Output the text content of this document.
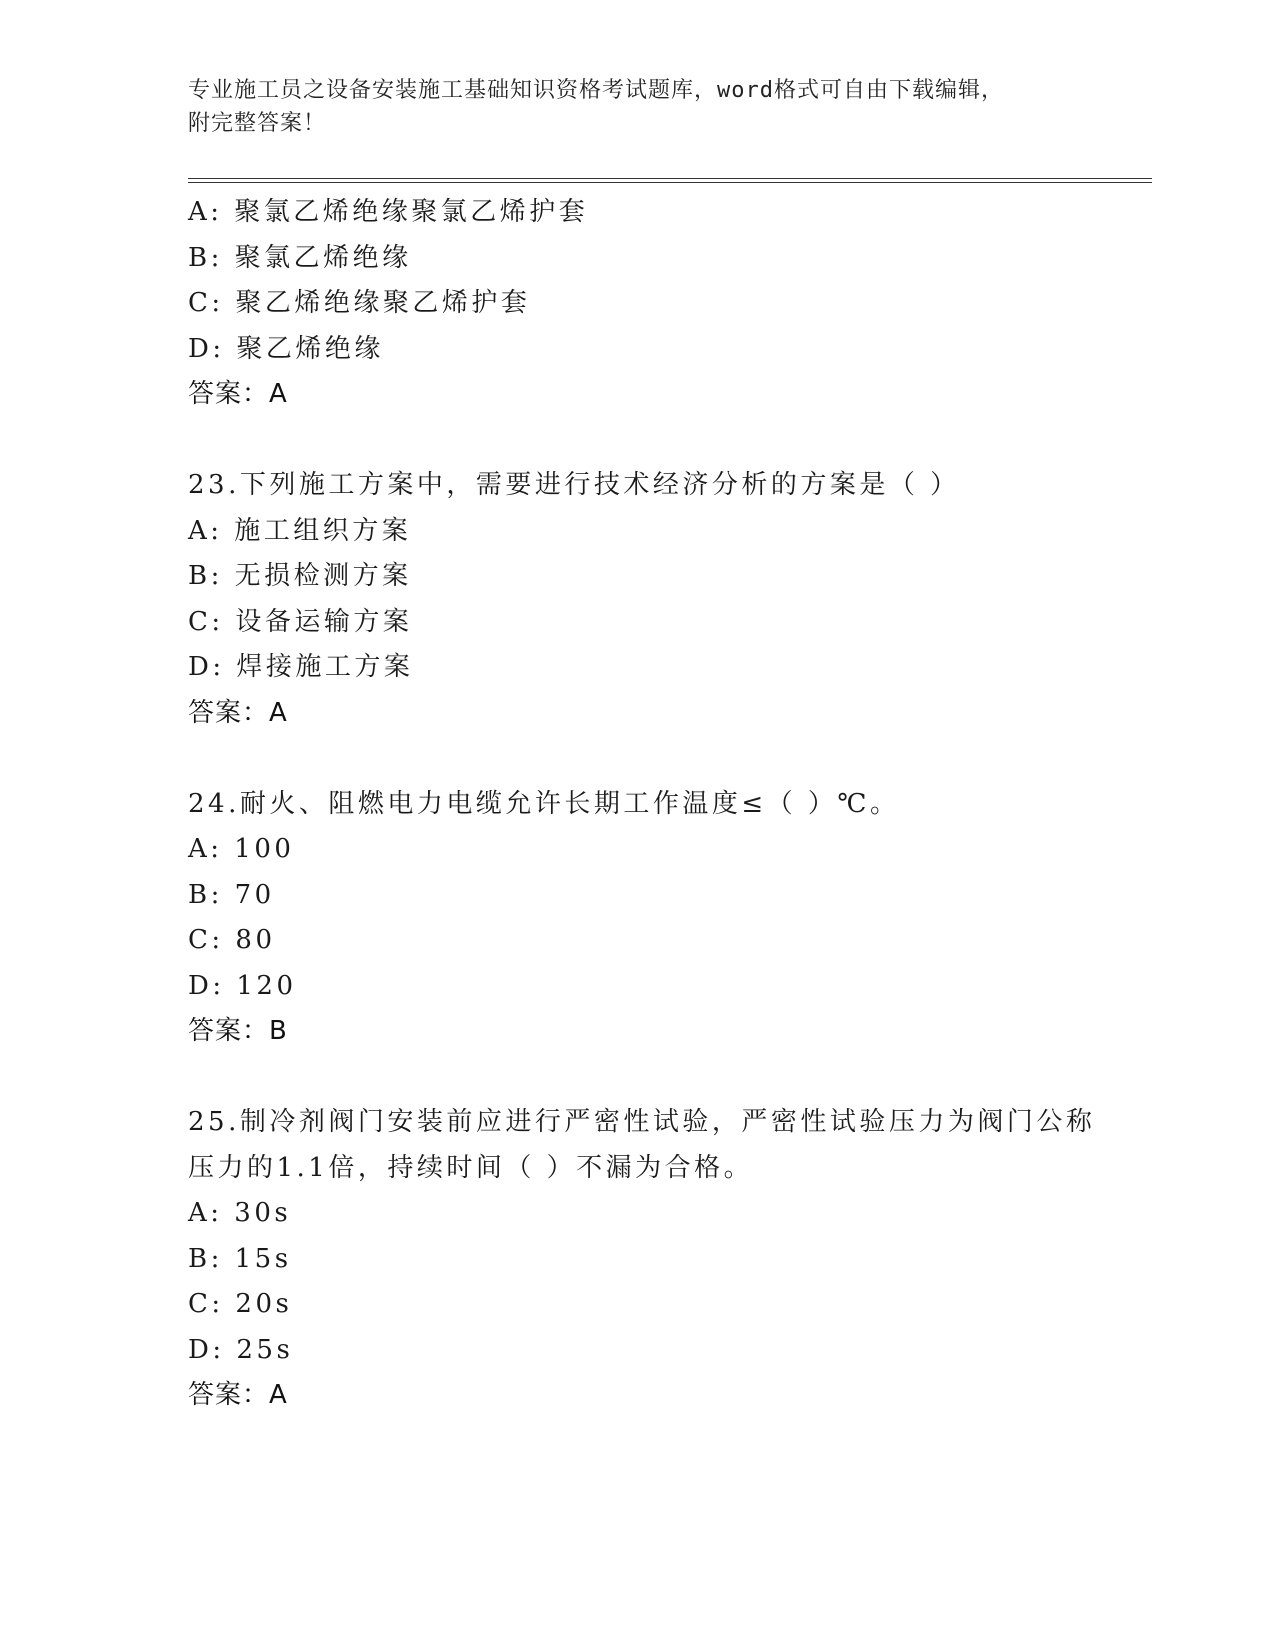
专业施工员之设备安装施工基础知识资格考试题库，word格式可自由下载编辑，
附完整答案！
A: 聚氯乙烯绝缘聚氯乙烯护套
B: 聚氯乙烯绝缘
C: 聚乙烯绝缘聚乙烯护套
D: 聚乙烯绝缘
答案：A
23.下列施工方案中，需要进行技术经济分析的方案是（ ）
A: 施工组织方案
B: 无损检测方案
C: 设备运输方案
D: 焊接施工方案
答案：A
24.耐火、阻燃电力电缆允许长期工作温度≤（ ）℃。
A: 100
B: 70
C: 80
D: 120
答案：B
25.制冷剂阀门安装前应进行严密性试验，严密性试验压力为阀门公称
压力的1.1倍，持续时间（ ）不漏为合格。
A: 30s
B: 15s
C: 20s
D: 25s
答案：A
